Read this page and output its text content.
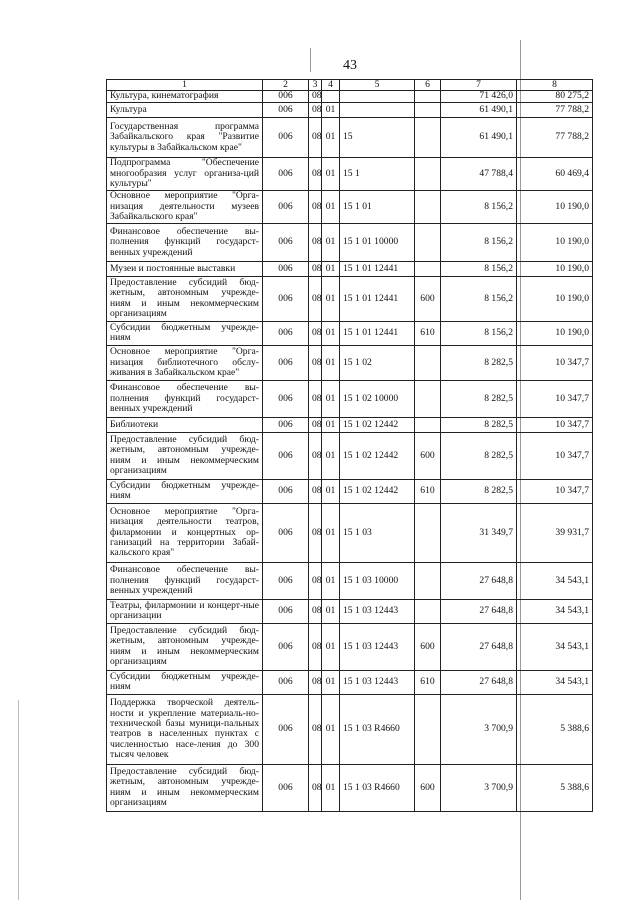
43
1	2	3	4	5	6	7	8
Культура, кинематография	006	08				71 426,0	80 275,2
Культура	006	08	01			61 490,1	77 788,2
Государственная программа Забайкальского края "Развитие культуры в Забайкальском крае"	006	08	01	15		61 490,1	77 788,2
Подпрограмма "Обеспечение многообразия услуг организа-ций культуры"	006	08	01	15 1		47 788,4	60 469,4
Основное мероприятие "Орга-низация деятельности музеев Забайкальского края"	006	08	01	15 1 01		8 156,2	10 190,0
Финансовое обеспечение вы-полнения функций государст-венных учреждений	006	08	01	15 1 01 10000		8 156,2	10 190,0
Музеи и постоянные выставки	006	08	01	15 1 01 12441		8 156,2	10 190,0
Предоставление субсидий бюд-жетным, автономным учрежде-ниям и иным некоммерческим организациям	006	08	01	15 1 01 12441	600	8 156,2	10 190,0
Субсидии бюджетным учрежде-ниям	006	08	01	15 1 01 12441	610	8 156,2	10 190,0
Основное мероприятие "Орга-низация библиотечного обслу-живания в Забайкальском крае"	006	08	01	15 1 02		8 282,5	10 347,7
Финансовое обеспечение вы-полнения функций государст-венных учреждений	006	08	01	15 1 02 10000		8 282,5	10 347,7
Библиотеки	006	08	01	15 1 02 12442		8 282,5	10 347,7
Предоставление субсидий бюд-жетным, автономным учрежде-ниям и иным некоммерческим организациям	006	08	01	15 1 02 12442	600	8 282,5	10 347,7
Субсидии бюджетным учрежде-ниям	006	08	01	15 1 02 12442	610	8 282,5	10 347,7
Основное мероприятие "Орга-низация деятельности театров, филармонии и концертных ор-ганизаций на территории Забай-кальского края"	006	08	01	15 1 03		31 349,7	39 931,7
Финансовое обеспечение вы-полнения функций государст-венных учреждений	006	08	01	15 1 03 10000		27 648,8	34 543,1
Театры, филармонии и концерт-ные организации	006	08	01	15 1 03 12443		27 648,8	34 543,1
Предоставление субсидий бюд-жетным, автономным учрежде-ниям и иным некоммерческим организациям	006	08	01	15 1 03 12443	600	27 648,8	34 543,1
Субсидии бюджетным учрежде-ниям	006	08	01	15 1 03 12443	610	27 648,8	34 543,1
Поддержка творческой деятель-ности и укрепление материаль-но-технической базы муници-пальных театров в населенных пунктах с численностью насе-ления до 300 тысяч человек	006	08	01	15 1 03 R4660		3 700,9	5 388,6
Предоставление субсидий бюд-жетным, автономным учрежде-ниям и иным некоммерческим организациям	006	08	01	15 1 03 R4660	600	3 700,9	5 388,6
